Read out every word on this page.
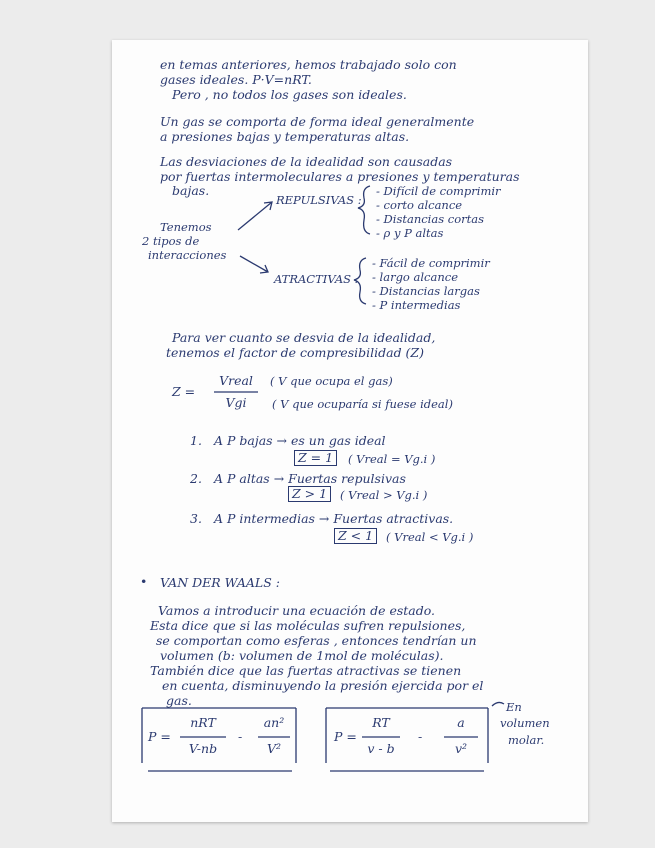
en temas anteriores, hemos trabajado solo con
gases ideales. P·V=nRT.
Pero , no todos los gases son ideales.
Un gas se comporta de forma ideal generalmente
a presiones bajas y temperaturas altas.
Las desviaciones de la idealidad son causadas
por fuertas intermoleculares a presiones y temperaturas
bajas.
Tenemos
2 tipos de
interacciones
REPULSIVAS :
- Difícil de comprimir
- corto alcance
- Distancias cortas
- ρ y P altas
ATRACTIVAS :
- Fácil de comprimir
- largo alcance
- Distancias largas
- P intermedias
Para ver cuanto se desvia de la idealidad,
tenemos el factor de compresibilidad (Z)
Z =
Vreal
Vgi
( V que ocupa el gas)
( V que ocuparía si fuese ideal)
1. A P bajas → es un gas ideal
Z = 1	( Vreal = Vg.i )
2. A P altas → Fuertas repulsivas
Z > 1	( Vreal > Vg.i )
3. A P intermedias → Fuertas atractivas.
Z < 1	( Vreal < Vg.i )
• VAN DER WAALS :
Vamos a introducir una ecuación de estado.
Esta dice que si las moléculas sufren repulsiones,
se comportan como esferas , entonces tendrían un
volumen (b: volumen de 1mol de moléculas).
También dice que las fuertas atractivas se tienen
en cuenta, disminuyendo la presión ejercida por el
gas.
P =
nRT
V-nb
-
an²
V²
P =
RT
v - b
-
a
v²
En
volumen
molar.
